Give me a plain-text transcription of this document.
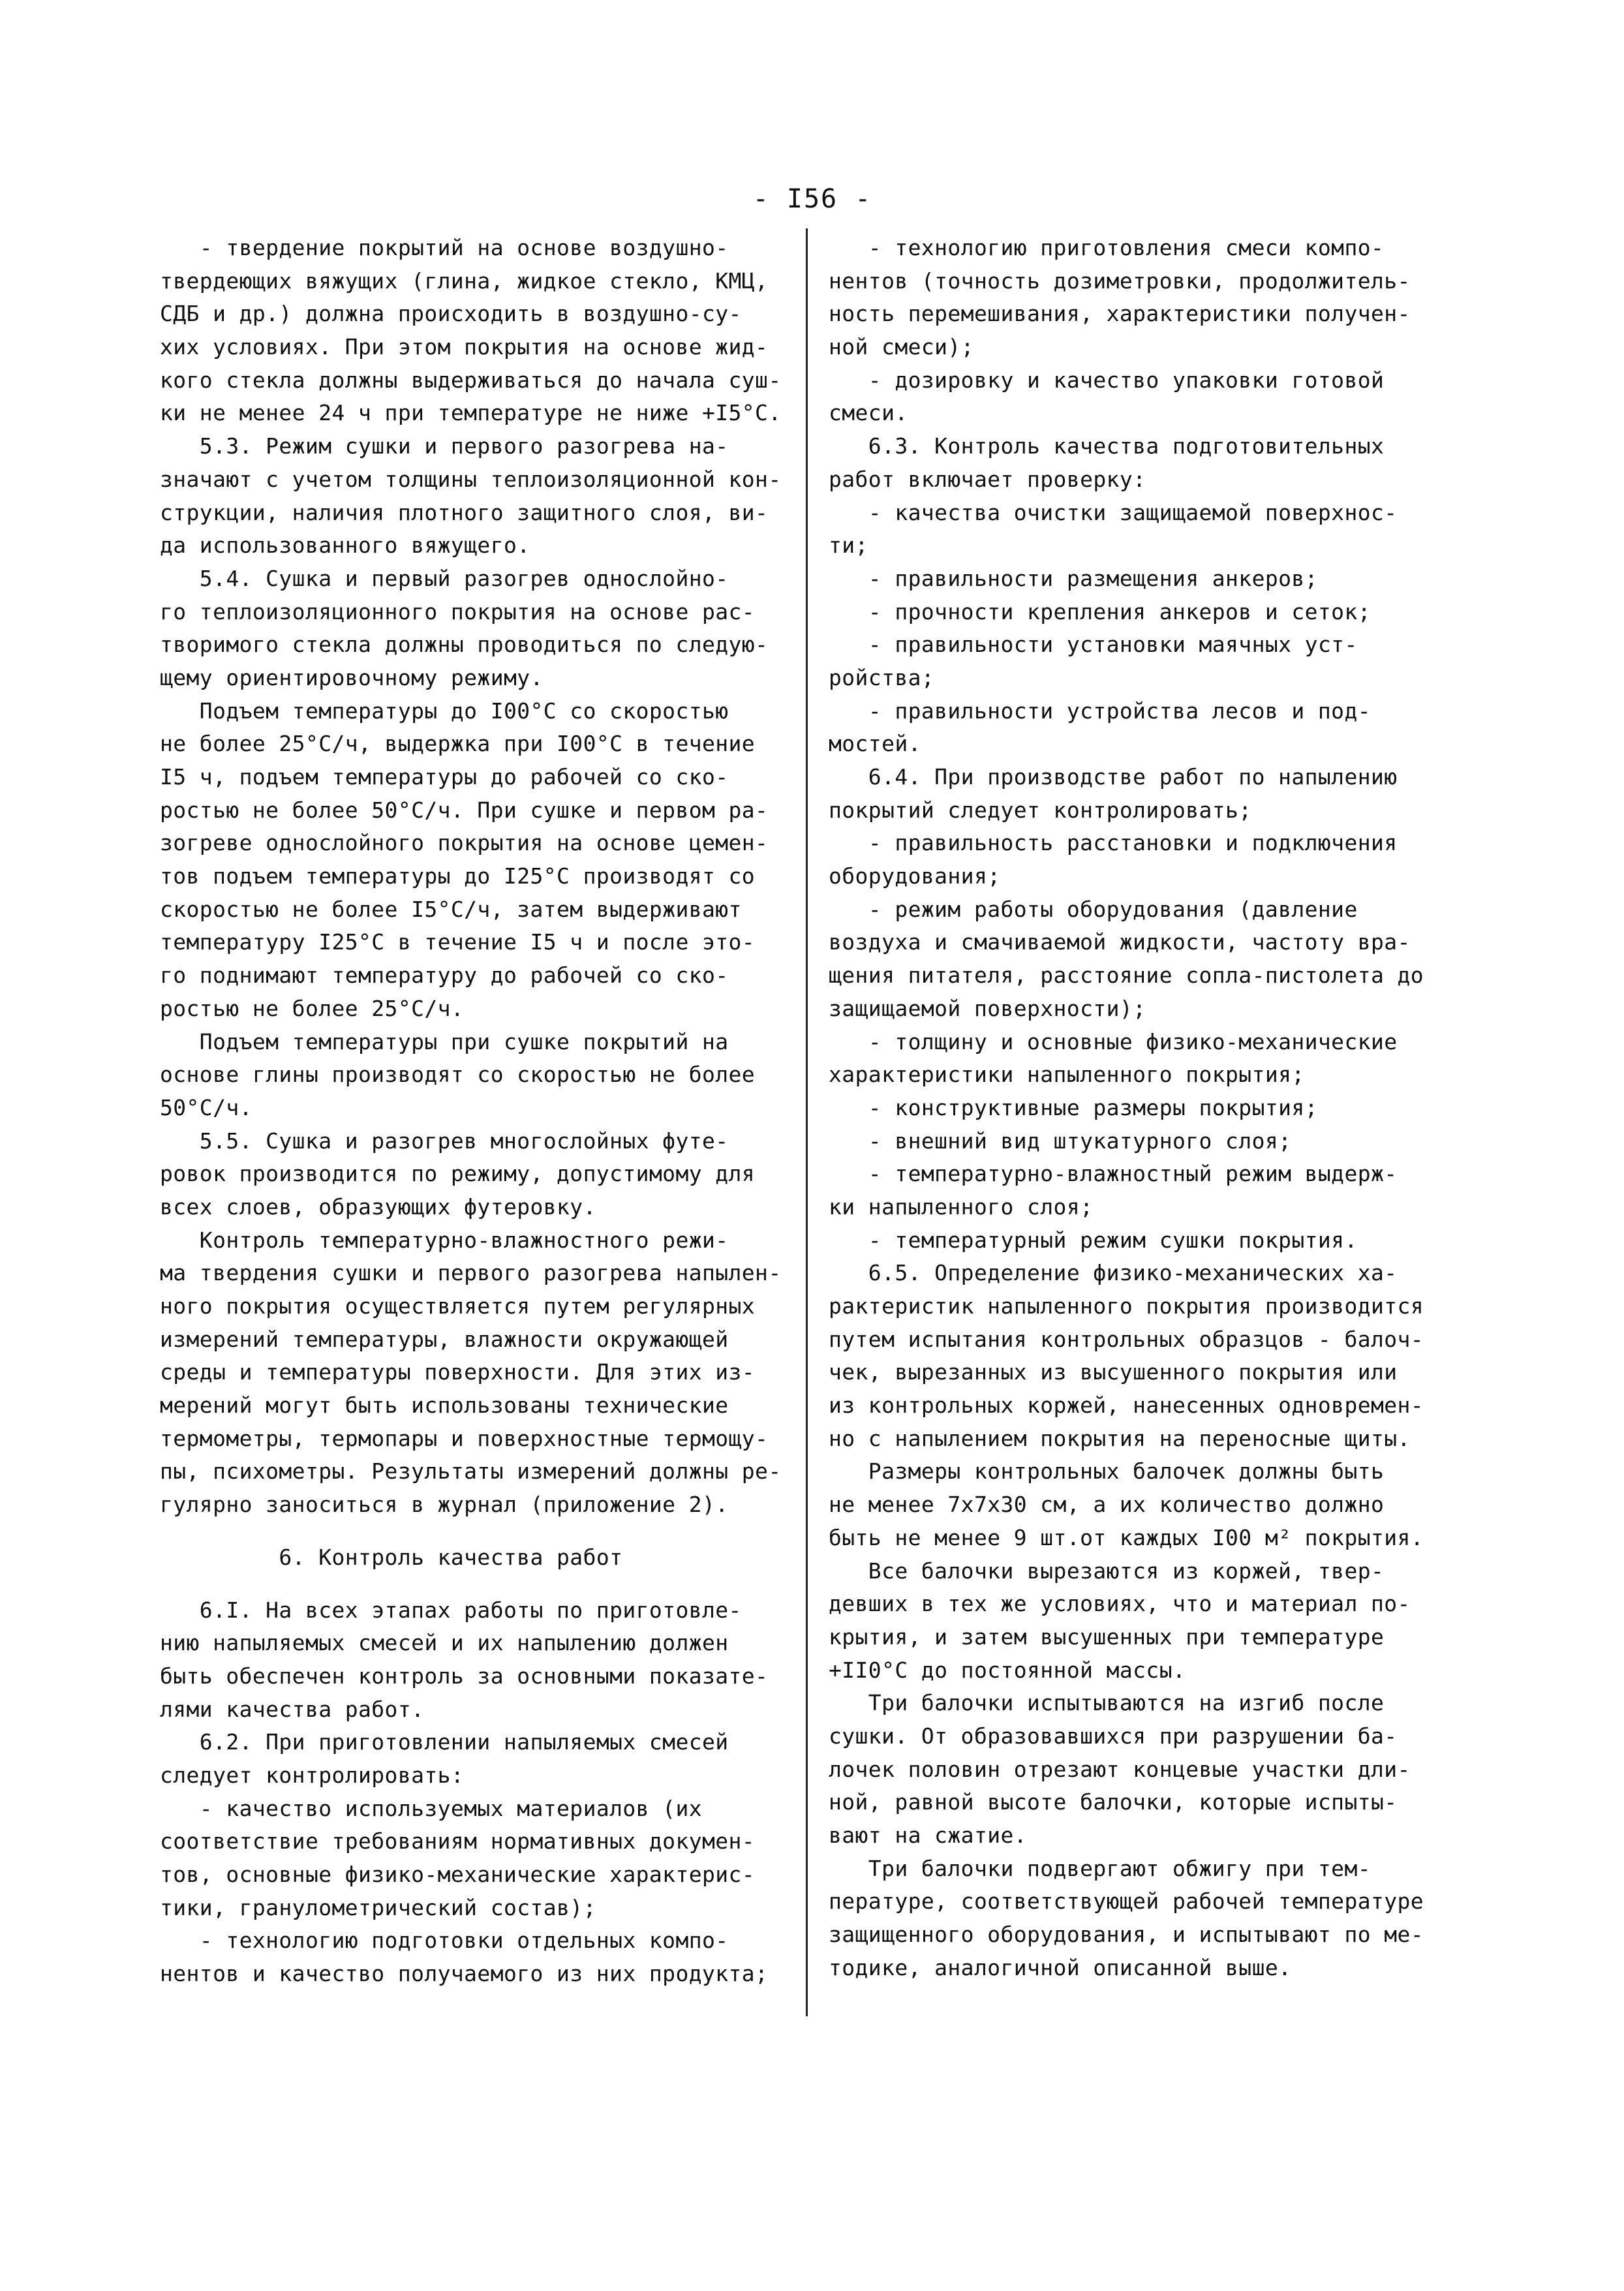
- I56 -
- твердение покрытий на основе воздушно-
твердеющих вяжущих (глина, жидкое стекло, КМЦ,
СДБ и др.) должна происходить в воздушно-су-
хих условиях. При этом покрытия на основе жид-
кого стекла должны выдерживаться до начала суш-
ки не менее 24 ч при температуре не ниже +I5°С.
5.3. Режим сушки и первого разогрева на-
значают с учетом толщины теплоизоляционной кон-
струкции, наличия плотного защитного слоя, ви-
да использованного вяжущего.
5.4. Сушка и первый разогрев однослойно-
го теплоизоляционного покрытия на основе рас-
творимого стекла должны проводиться по следую-
щему ориентировочному режиму.
Подъем температуры до I00°С со скоростью
не более 25°С/ч, выдержка при I00°С в течение
I5 ч, подъем температуры до рабочей со ско-
ростью не более 50°С/ч. При сушке и первом ра-
зогреве однослойного покрытия на основе цемен-
тов подъем температуры до I25°С производят со
скоростью не более I5°С/ч, затем выдерживают
температуру I25°С в течение I5 ч и после это-
го поднимают температуру до рабочей со ско-
ростью не более 25°С/ч.
Подъем температуры при сушке покрытий на
основе глины производят со скоростью не более
50°С/ч.
5.5. Сушка и разогрев многослойных футе-
ровок производится по режиму, допустимому для
всех слоев, образующих футеровку.
Контроль температурно-влажностного режи-
ма твердения сушки и первого разогрева напылен-
ного покрытия осуществляется путем регулярных
измерений температуры, влажности окружающей
среды и температуры поверхности. Для этих из-
мерений могут быть использованы технические
термометры, термопары и поверхностные термощу-
пы, психометры. Результаты измерений должны ре-
гулярно заноситься в журнал (приложение 2).
6. Контроль качества работ
6.I. На всех этапах работы по приготовле-
нию напыляемых смесей и их напылению должен
быть обеспечен контроль за основными показате-
лями качества работ.
6.2. При приготовлении напыляемых смесей
следует контролировать:
- качество используемых материалов (их
соответствие требованиям нормативных докумен-
тов, основные физико-механические характерис-
тики, гранулометрический состав);
- технологию подготовки отдельных компо-
нентов и качество получаемого из них продукта;
- технологию приготовления смеси компо-
нентов (точность дозиметровки, продолжитель-
ность перемешивания, характеристики получен-
ной смеси);
- дозировку и качество упаковки готовой
смеси.
6.3. Контроль качества подготовительных
работ включает проверку:
- качества очистки защищаемой поверхнос-
ти;
- правильности размещения анкеров;
- прочности крепления анкеров и сеток;
- правильности установки маячных уст-
ройства;
- правильности устройства лесов и под-
мостей.
6.4. При производстве работ по напылению
покрытий следует контролировать;
- правильность расстановки и подключения
оборудования;
- режим работы оборудования (давление
воздуха и смачиваемой жидкости, частоту вра-
щения питателя, расстояние сопла-пистолета до
защищаемой поверхности);
- толщину и основные физико-механические
характеристики напыленного покрытия;
- конструктивные размеры покрытия;
- внешний вид штукатурного слоя;
- температурно-влажностный режим выдерж-
ки напыленного слоя;
- температурный режим сушки покрытия.
6.5. Определение физико-механических ха-
рактеристик напыленного покрытия производится
путем испытания контрольных образцов - балоч-
чек, вырезанных из высушенного покрытия или
из контрольных коржей, нанесенных одновремен-
но с напылением покрытия на переносные щиты.
Размеры контрольных балочек должны быть
не менее 7х7х30 см, а их количество должно
быть не менее 9 шт.от каждых I00 м² покрытия.
Все балочки вырезаются из коржей, твер-
девших в тех же условиях, что и материал по-
крытия, и затем высушенных при температуре
+II0°С до постоянной массы.
Три балочки испытываются на изгиб после
сушки. От образовавшихся при разрушении ба-
лочек половин отрезают концевые участки дли-
ной, равной высоте балочки, которые испыты-
вают на сжатие.
Три балочки подвергают обжигу при тем-
пературе, соответствующей рабочей температуре
защищенного оборудования, и испытывают по ме-
тодике, аналогичной описанной выше.
